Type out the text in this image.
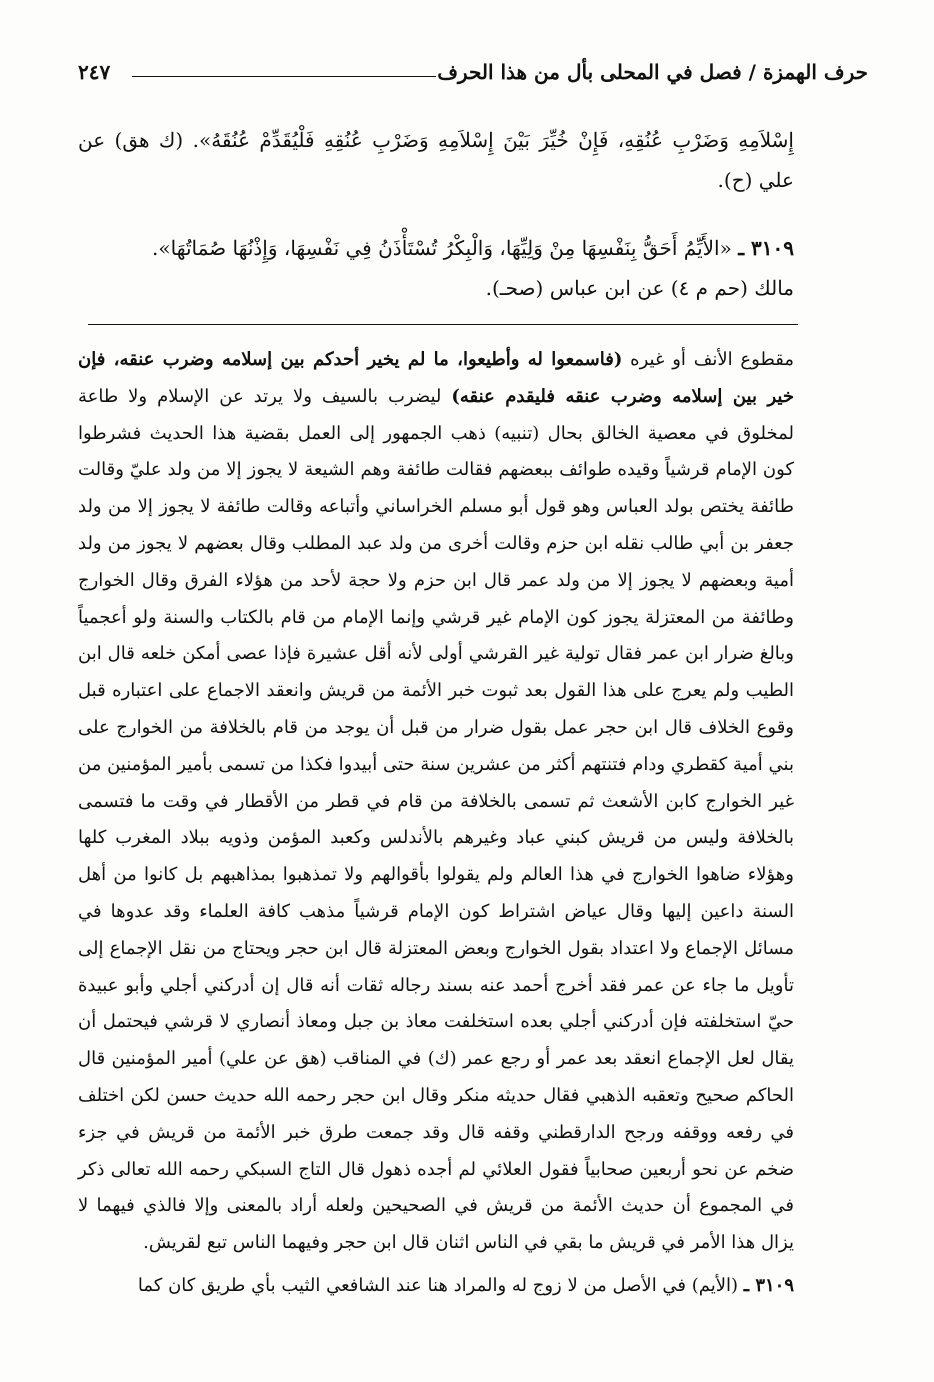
حرف الهمزة / فصل في المحلى بأل من هذا الحرف
٢٤٧
إِسْلاَمِهِ وَضَرْبِ عُنُقِهِ، فَإِنْ خُيِّرَ بَيْنَ إِسْلاَمِهِ وَضَرْبِ عُنُقِهِ فَلْيُقَدِّمْ عُنُقَهُ». (ك هق) عن علي (ح).
٣١٠٩ ـ «الأَيِّمُ أَحَقُّ بِنَفْسِهَا مِنْ وَلِيِّهَا، وَالْبِكْرُ تُسْتَأْذَنُ فِي نَفْسِهَا، وَإِذْنُهَا صُمَاتُهَا».
مالك (حم م ٤) عن ابن عباس (صحـ).

مقطوع الأنف أو غيره (فاسمعوا له وأطيعوا، ما لم يخير أحدكم بين إسلامه وضرب عنقه، فإن خير بين إسلامه وضرب عنقه فليقدم عنقه) ليضرب بالسيف ولا يرتد عن الإسلام ولا طاعة لمخلوق في معصية الخالق بحال (تنبيه) ذهب الجمهور إلى العمل بقضية هذا الحديث فشرطوا كون الإمام قرشياً وقيده طوائف ببعضهم فقالت طائفة وهم الشيعة لا يجوز إلا من ولد عليّ وقالت طائفة يختص بولد العباس وهو قول أبو مسلم الخراساني وأتباعه وقالت طائفة لا يجوز إلا من ولد جعفر بن أبي طالب نقله ابن حزم وقالت أخرى من ولد عبد المطلب وقال بعضهم لا يجوز من ولد أمية وبعضهم لا يجوز إلا من ولد عمر قال ابن حزم ولا حجة لأحد من هؤلاء الفرق وقال الخوارج وطائفة من المعتزلة يجوز كون الإمام غير قرشي وإنما الإمام من قام بالكتاب والسنة ولو أعجمياً وبالغ ضرار ابن عمر فقال تولية غير القرشي أولى لأنه أقل عشيرة فإذا عصى أمكن خلعه قال ابن الطيب ولم يعرج على هذا القول بعد ثبوت خبر الأئمة من قريش وانعقد الاجماع على اعتباره قبل وقوع الخلاف قال ابن حجر عمل بقول ضرار من قبل أن يوجد من قام بالخلافة من الخوارج على بني أمية كقطري ودام فتنتهم أكثر من عشرين سنة حتى أبيدوا فكذا من تسمى بأمير المؤمنين من غير الخوارج كابن الأشعث ثم تسمى بالخلافة من قام في قطر من الأقطار في وقت ما فتسمى بالخلافة وليس من قريش كبني عباد وغيرهم بالأندلس وكعبد المؤمن وذويه ببلاد المغرب كلها وهؤلاء ضاهوا الخوارج في هذا العالم ولم يقولوا بأقوالهم ولا تمذهبوا بمذاهبهم بل كانوا من أهل السنة داعين إليها وقال عياض اشتراط كون الإمام قرشياً مذهب كافة العلماء وقد عدوها في مسائل الإجماع ولا اعتداد بقول الخوارج وبعض المعتزلة قال ابن حجر ويحتاج من نقل الإجماع إلى تأويل ما جاء عن عمر فقد أخرج أحمد عنه بسند رجاله ثقات أنه قال إن أدركني أجلي وأبو عبيدة حيّ استخلفته فإن أدركني أجلي بعده استخلفت معاذ بن جبل ومعاذ أنصاري لا قرشي فيحتمل أن يقال لعل الإجماع انعقد بعد عمر أو رجع عمر (ك) في المناقب (هق عن علي) أمير المؤمنين قال الحاكم صحيح وتعقبه الذهبي فقال حديثه منكر وقال ابن حجر رحمه الله حديث حسن لكن اختلف في رفعه ووقفه ورجح الدارقطني وقفه قال وقد جمعت طرق خبر الأئمة من قريش في جزء ضخم عن نحو أربعين صحابياً فقول العلائي لم أجده ذهول قال التاج السبكي رحمه الله تعالى ذكر في المجموع أن حديث الأئمة من قريش في الصحيحين ولعله أراد بالمعنى وإلا فالذي فيهما لا يزال هذا الأمر في قريش ما بقي في الناس اثنان قال ابن حجر وفيهما الناس تبع لقريش.

٣١٠٩ ـ (الأيم) في الأصل من لا زوج له والمراد هنا عند الشافعي الثيب بأي طريق كان كما
